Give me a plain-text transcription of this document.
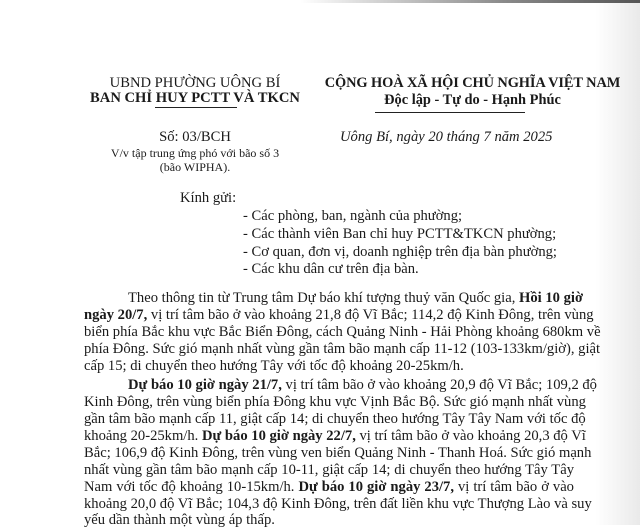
UBND PHƯỜNG UÔNG BÍ
BAN CHỈ HUY PCTT VÀ TKCN
Số: 03/BCH
V/v tập trung ứng phó với bão số 3
(bão WIPHA).
CỘNG HOÀ XÃ HỘI CHỦ NGHĨA VIỆT NAM
Độc lập - Tự do - Hạnh Phúc
Uông Bí, ngày 20 tháng 7 năm 2025
Kính gửi:
- Các phòng, ban, ngành của phường;
- Các thành viên Ban chỉ huy PCTT&TKCN phường;
- Cơ quan, đơn vị, doanh nghiệp trên địa bàn phường;
- Các khu dân cư trên địa bàn.
Theo thông tin từ Trung tâm Dự báo khí tượng thuỷ văn Quốc gia, Hồi 10 giờ
ngày 20/7, vị trí tâm bão ở vào khoảng 21,8 độ Vĩ Bắc; 114,2 độ Kinh Đông, trên vùng
biển phía Bắc khu vực Bắc Biển Đông, cách Quảng Ninh - Hải Phòng khoảng 680km về
phía Đông. Sức gió mạnh nhất vùng gần tâm bão mạnh cấp 11-12 (103-133km/giờ), giật
cấp 15; di chuyển theo hướng Tây với tốc độ khoảng 20-25km/h.
Dự báo 10 giờ ngày 21/7, vị trí tâm bão ở vào khoảng 20,9 độ Vĩ Bắc; 109,2 độ
Kinh Đông, trên vùng biển phía Đông khu vực Vịnh Bắc Bộ. Sức gió mạnh nhất vùng
gần tâm bão mạnh cấp 11, giật cấp 14; di chuyển theo hướng Tây Tây Nam với tốc độ
khoảng 20-25km/h. Dự báo 10 giờ ngày 22/7, vị trí tâm bão ở vào khoảng 20,3 độ Vĩ
Bắc; 106,9 độ Kinh Đông, trên vùng ven biển Quảng Ninh - Thanh Hoá. Sức gió mạnh
nhất vùng gần tâm bão mạnh cấp 10-11, giật cấp 14; di chuyển theo hướng Tây Tây
Nam với tốc độ khoảng 10-15km/h. Dự báo 10 giờ ngày 23/7, vị trí tâm bão ở vào
khoảng 20,0 độ Vĩ Bắc; 104,3 độ Kinh Đông, trên đất liền khu vực Thượng Lào và suy
yếu dần thành một vùng áp thấp.
